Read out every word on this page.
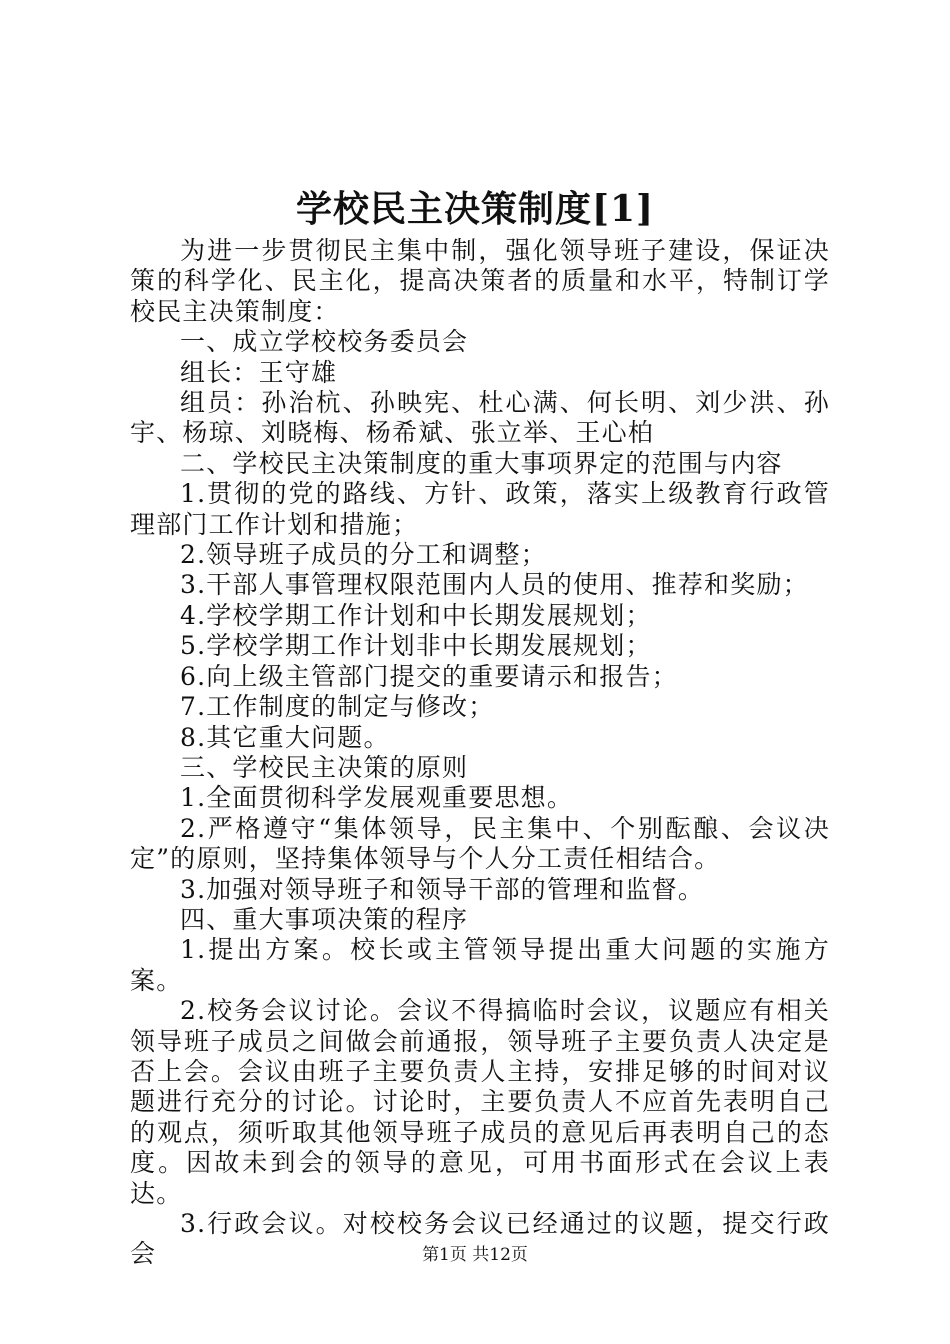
学校民主决策制度[1]

为进一步贯彻民主集中制，强化领导班子建设，保证决策的科学化、民主化，提高决策者的质量和水平，特制订学校民主决策制度：

一、成立学校校务委员会

组长：王守雄

组员：孙治杭、孙映宪、杜心满、何长明、刘少洪、孙宇、杨琼、刘晓梅、杨希斌、张立举、王心柏

二、学校民主决策制度的重大事项界定的范围与内容

1.贯彻的党的路线、方针、政策，落实上级教育行政管理部门工作计划和措施；

2.领导班子成员的分工和调整；

3.干部人事管理权限范围内人员的使用、推荐和奖励；

4.学校学期工作计划和中长期发展规划；

5.学校学期工作计划非中长期发展规划；

6.向上级主管部门提交的重要请示和报告；

7.工作制度的制定与修改；

8.其它重大问题。

三、学校民主决策的原则

1.全面贯彻科学发展观重要思想。

2.严格遵守“集体领导，民主集中、个别酝酿、会议决定”的原则，坚持集体领导与个人分工责任相结合。

3.加强对领导班子和领导干部的管理和监督。

四、重大事项决策的程序

1.提出方案。校长或主管领导提出重大问题的实施方案。

2.校务会议讨论。会议不得搞临时会议，议题应有相关领导班子成员之间做会前通报，领导班子主要负责人决定是否上会。会议由班子主要负责人主持，安排足够的时间对议题进行充分的讨论。讨论时，主要负责人不应首先表明自己的观点，须听取其他领导班子成员的意见后再表明自己的态度。因故未到会的领导的意见，可用书面形式在会议上表达。

3.行政会议。对校校务会议已经通过的议题，提交行政会	第1页 共12页
